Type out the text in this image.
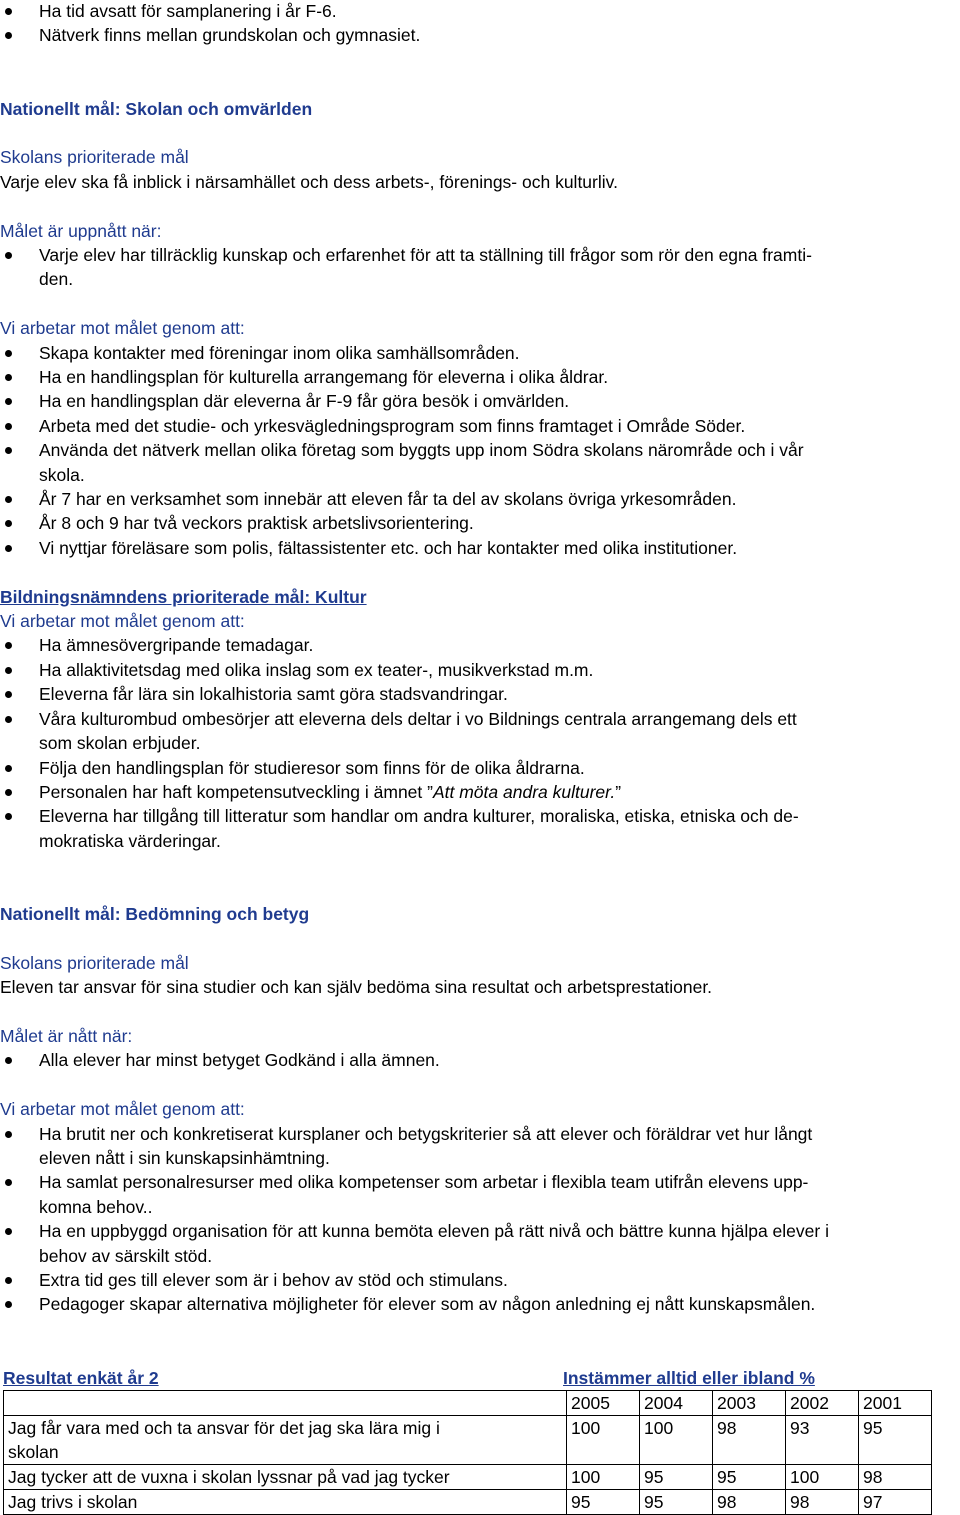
Ha tid avsatt för samplanering i år F-6.
Nätverk finns mellan grundskolan och gymnasiet.

Nationellt mål: Skolan och omvärlden

Skolans prioriterade mål

Varje elev ska få inblick i närsamhället och dess arbets-, förenings- och kulturliv.

Målet är uppnått när:

Varje elev har tillräcklig kunskap och erfarenhet för att ta ställning till frågor som rör den egna framti-
den.

Vi arbetar mot målet genom att:

Skapa kontakter med föreningar inom olika samhällsområden.
Ha en handlingsplan för kulturella arrangemang för eleverna i olika åldrar.
Ha en handlingsplan där eleverna år F-9 får göra besök i omvärlden.
Arbeta med det studie- och yrkesvägledningsprogram som finns framtaget i Område Söder.
Använda det nätverk mellan olika företag som byggts upp inom Södra skolans närområde och i vår
skola.
År 7 har en verksamhet som innebär att eleven får ta del av skolans övriga yrkesområden.
År 8 och 9 har två veckors praktisk arbetslivsorientering.
Vi nyttjar föreläsare som polis, fältassistenter etc. och har kontakter med olika institutioner.

Bildningsnämndens prioriterade mål: Kultur

Vi arbetar mot målet genom att:

Ha ämnesövergripande temadagar.
Ha allaktivitetsdag med olika inslag som ex teater-, musikverkstad m.m.
Eleverna får lära sin lokalhistoria samt göra stadsvandringar.
Våra kulturombud ombesörjer att eleverna dels deltar i vo Bildnings centrala arrangemang dels ett
som skolan erbjuder.
Följa den handlingsplan för studieresor som finns för de olika åldrarna.
Personalen har haft kompetensutveckling i ämnet ”Att möta andra kulturer.”
Eleverna har tillgång till litteratur som handlar om andra kulturer, moraliska, etiska, etniska och de-
mokratiska värderingar.

Nationellt mål: Bedömning och betyg

Skolans prioriterade mål

Eleven tar ansvar för sina studier och kan själv bedöma sina resultat och arbetsprestationer.

Målet är nått när:

Alla elever har minst betyget Godkänd i alla ämnen.

Vi arbetar mot målet genom att:

Ha brutit ner och konkretiserat kursplaner och betygskriterier så att elever och föräldrar vet hur långt
eleven nått i sin kunskapsinhämtning.
Ha samlat personalresurser med olika kompetenser som arbetar i flexibla team utifrån elevens upp-
komna behov..
Ha en uppbyggd organisation för att kunna bemöta eleven på rätt nivå och bättre kunna hjälpa elever i
behov av särskilt stöd.
Extra tid ges till elever som är i behov av stöd och stimulans.
Pedagoger skapar alternativa möjligheter för elever som av någon anledning ej nått kunskapsmålen.
Resultat enkät år 2	Instämmer alltid eller ibland %
	2005	2004	2003	2002	2001
Jag får vara med och ta ansvar för det jag ska lära mig i
skolan	100	100	98	93	95
Jag tycker att de vuxna i skolan lyssnar på vad jag tycker	100	95	95	100	98
Jag trivs i skolan	95	95	98	98	97
